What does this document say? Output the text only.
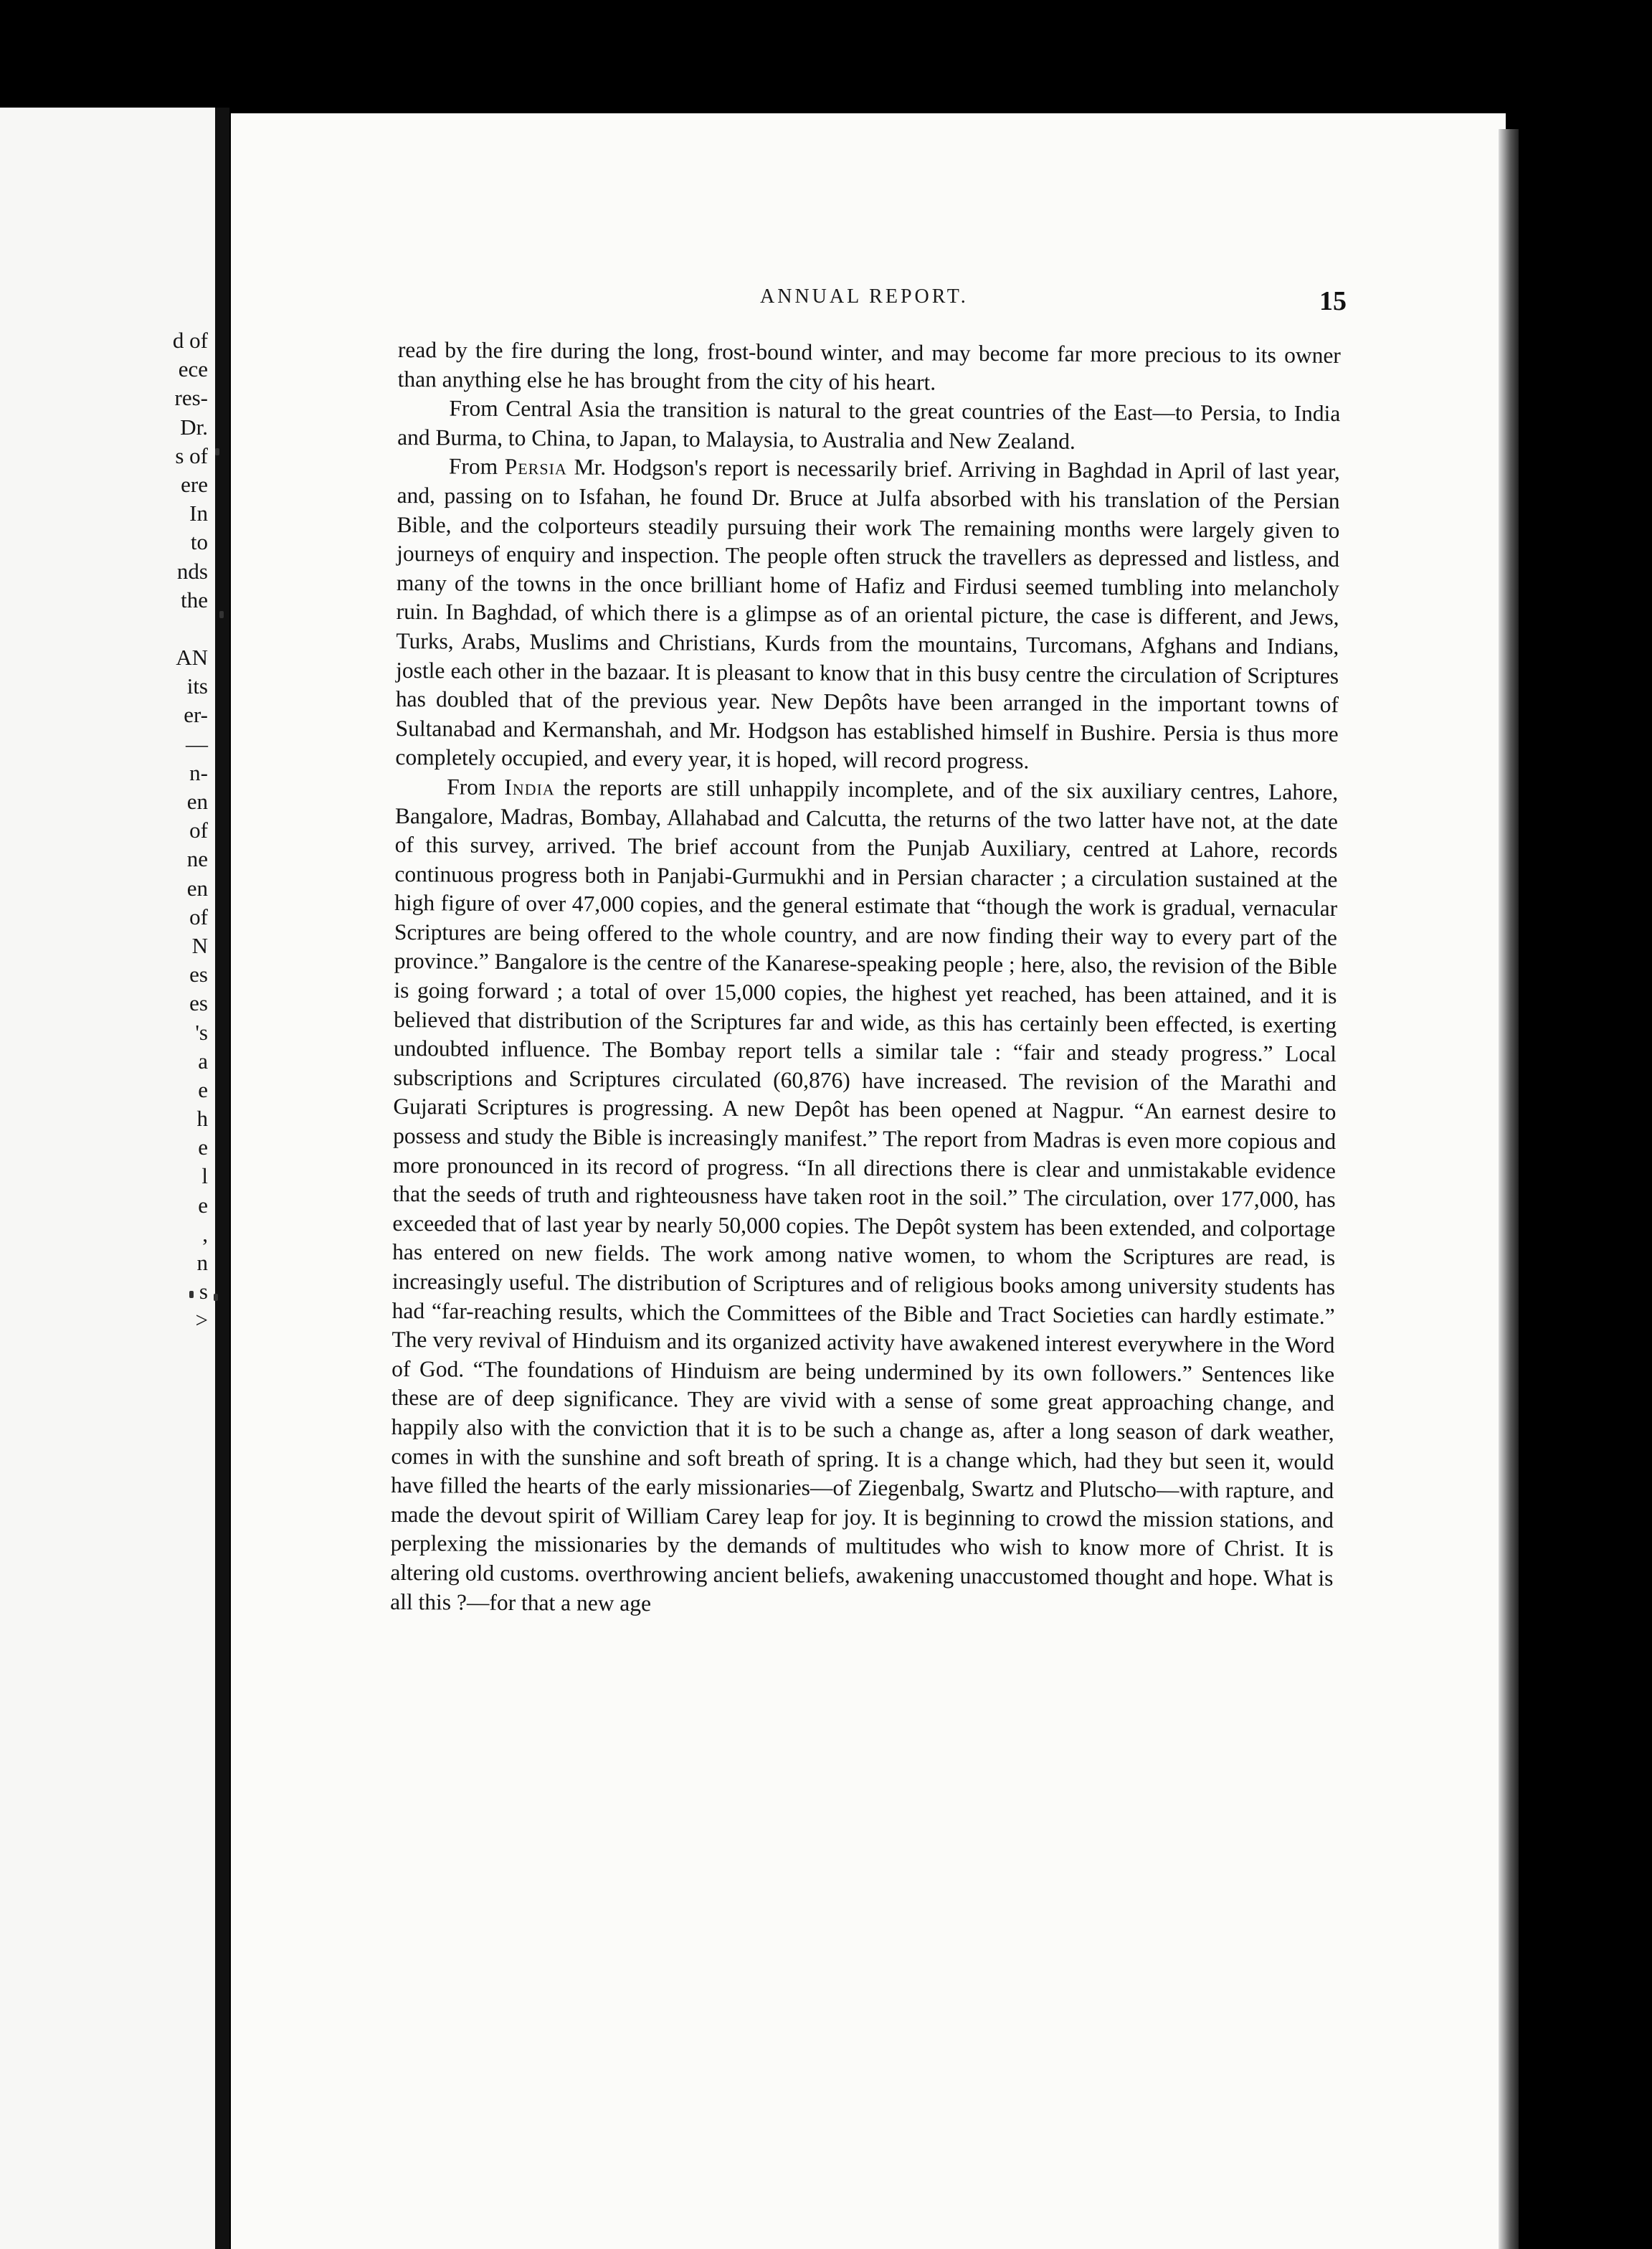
d of
ece
res-
Dr.
s of
ere
In
to
nds
the
AN
its
er-
—
n-
en
of
ne
en
of
N
es
es
's
a
e
h
e
l
e
,
n
s
>
ANNUAL REPORT.	15

read by the fire during the long, frost-bound winter, and may become far more precious to its owner than anything else he has brought from the city of his heart.

From Central Asia the transition is natural to the great countries of the East—to Persia, to India and Burma, to China, to Japan, to Malaysia, to Australia and New Zealand.

From Persia Mr. Hodgson's report is necessarily brief. Arriving in Baghdad in April of last year, and, passing on to Isfahan, he found Dr. Bruce at Julfa absorbed with his translation of the Persian Bible, and the colporteurs steadily pursuing their work The remaining months were largely given to journeys of enquiry and inspection. The people often struck the travellers as depressed and listless, and many of the towns in the once brilliant home of Hafiz and Firdusi seemed tumbling into melancholy ruin. In Baghdad, of which there is a glimpse as of an oriental picture, the case is different, and Jews, Turks, Arabs, Muslims and Christians, Kurds from the mountains, Turcomans, Afghans and Indians, jostle each other in the bazaar. It is pleasant to know that in this busy centre the circulation of Scriptures has doubled that of the previous year. New Depôts have been arranged in the important towns of Sultanabad and Kermanshah, and Mr. Hodgson has established himself in Bushire. Persia is thus more completely occupied, and every year, it is hoped, will record progress.

From India the reports are still unhappily incomplete, and of the six auxiliary centres, Lahore, Bangalore, Madras, Bombay, Allahabad and Calcutta, the returns of the two latter have not, at the date of this survey, arrived. The brief account from the Punjab Auxiliary, centred at Lahore, records continuous progress both in Panjabi-Gurmukhi and in Persian character ; a circulation sustained at the high figure of over 47,000 copies, and the general estimate that “though the work is gradual, vernacular Scriptures are being offered to the whole country, and are now finding their way to every part of the province.” Bangalore is the centre of the Kanarese-speaking people ; here, also, the revision of the Bible is going forward ; a total of over 15,000 copies, the highest yet reached, has been attained, and it is believed that distribution of the Scriptures far and wide, as this has certainly been effected, is exerting undoubted influence. The Bombay report tells a similar tale : “fair and steady progress.” Local subscriptions and Scriptures circulated (60,876) have increased. The revision of the Marathi and Gujarati Scriptures is progressing. A new Depôt has been opened at Nagpur. “An earnest desire to possess and study the Bible is increasingly manifest.” The report from Madras is even more copious and more pronounced in its record of progress. “In all directions there is clear and unmistakable evidence that the seeds of truth and righteousness have taken root in the soil.” The circulation, over 177,000, has exceeded that of last year by nearly 50,000 copies. The Depôt system has been extended, and colportage has entered on new fields. The work among native women, to whom the Scriptures are read, is increasingly useful. The distribution of Scriptures and of religious books among university students has had “far-reaching results, which the Committees of the Bible and Tract Societies can hardly estimate.” The very revival of Hinduism and its organized activity have awakened interest everywhere in the Word of God. “The foundations of Hinduism are being undermined by its own followers.” Sentences like these are of deep significance. They are vivid with a sense of some great approaching change, and happily also with the conviction that it is to be such a change as, after a long season of dark weather, comes in with the sunshine and soft breath of spring. It is a change which, had they but seen it, would have filled the hearts of the early missionaries—of Ziegenbalg, Swartz and Plutscho—with rapture, and made the devout spirit of William Carey leap for joy. It is beginning to crowd the mission stations, and perplexing the missionaries by the demands of multitudes who wish to know more of Christ. It is altering old customs. overthrowing ancient beliefs, awakening unaccustomed thought and hope. What is all this ?—for that a new age
